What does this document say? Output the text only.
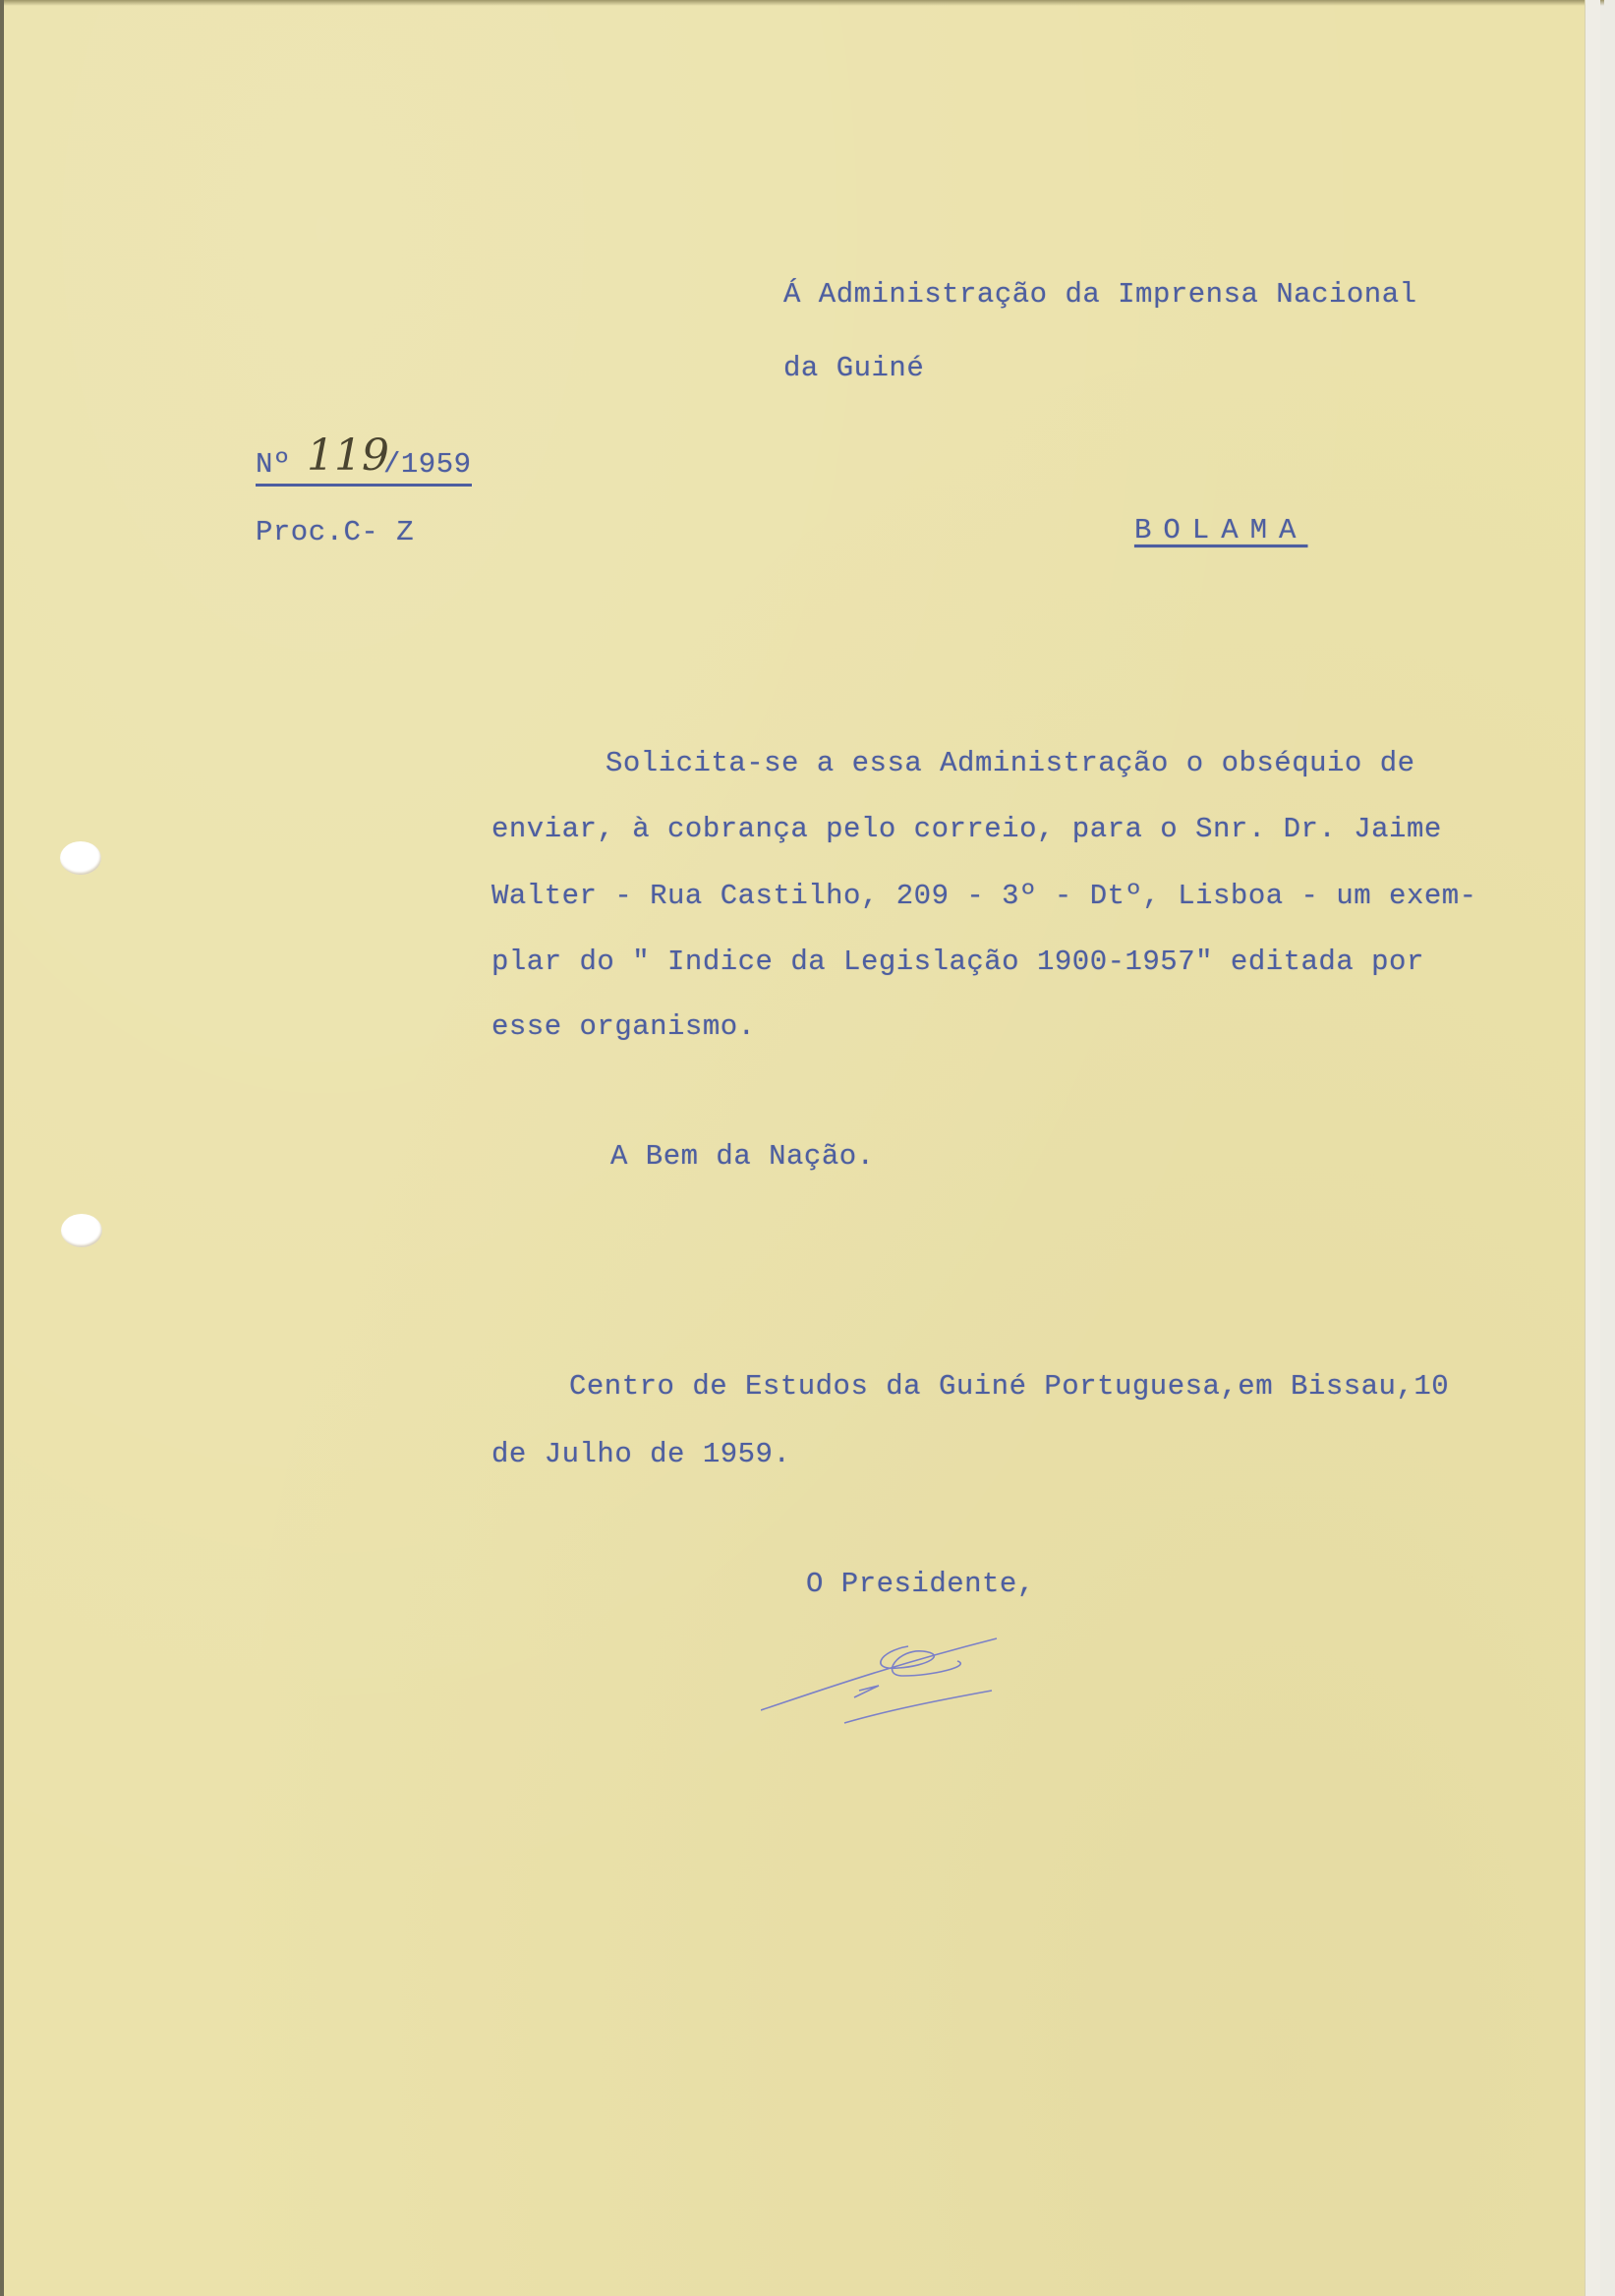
Á Administração da Imprensa Nacional
da Guiné
Nº 119
/1959
Proc.C- Z	BOLAMA
Solicita-se a essa Administração o obséquio de
enviar, à cobrança pelo correio, para o Snr. Dr. Jaime
Walter - Rua Castilho, 209 - 3º - Dtº, Lisboa - um exem-
plar do " Indice da Legislação 1900-1957" editada por
esse organismo.
A Bem da Nação.
Centro de Estudos da Guiné Portuguesa,em Bissau,10
de Julho de 1959.
O Presidente,
